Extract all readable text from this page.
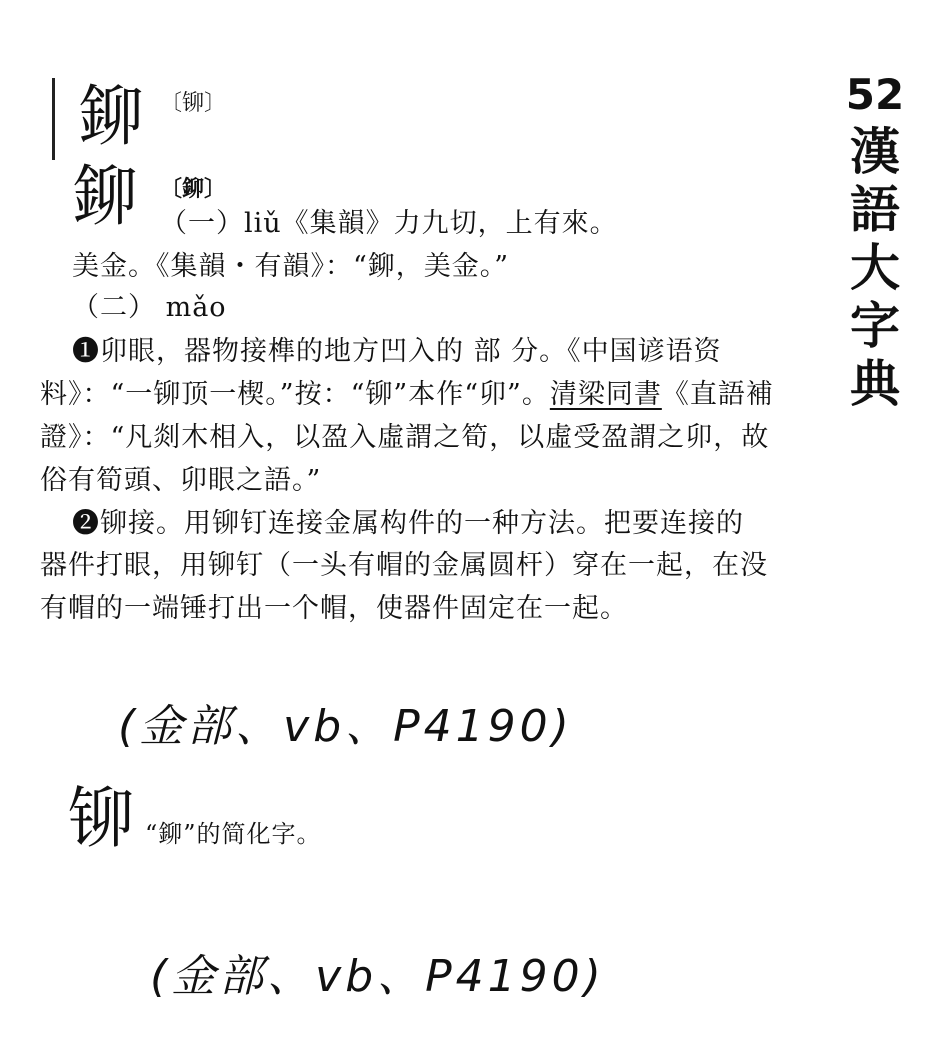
鉚 〔铆〕
鉚 〔鉚〕
（一）liǔ《集韻》力九切，上有來。
美金。《集韻・有韻》：“鉚，美金。”
（二） mǎo
❶卯眼，器物接榫的地方凹入的 部 分。《中国谚语资
料》：“一铆顶一楔。”按：“铆”本作“卯”。清梁同書《直語補
證》：“凡剡木相入，以盈入虛謂之筍，以虛受盈謂之卯，故
俗有筍頭、卯眼之語。”
❷铆接。用铆钉连接金属构件的一种方法。把要连接的
器件打眼，用铆钉（一头有帽的金属圆杆）穿在一起，在没
有帽的一端锤打出一个帽，使器件固定在一起。
52
漢
語
大
字
典
(金部、vb、P4190)
铆 “鉚”的简化字。
(金部、vb、P4190)
